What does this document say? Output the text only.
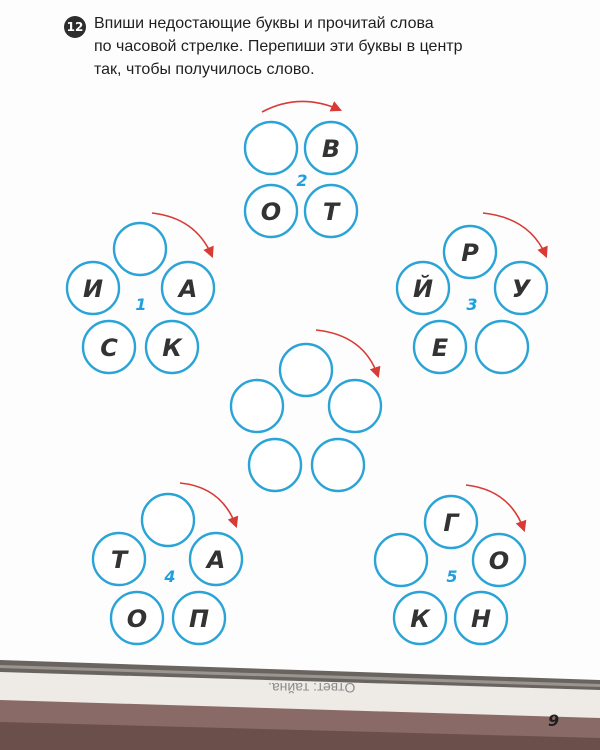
12 Впиши недостающие буквы и прочитай слова
по часовой стрелке. Перепиши эти буквы в центр
так, чтобы получилось слово.

В
Т
О
2
А
К
С
И
1
Р
У
Е
Й
3
А
П
О
Т
4
Г
О
Н
К
5
Ответ: тайна.
9
